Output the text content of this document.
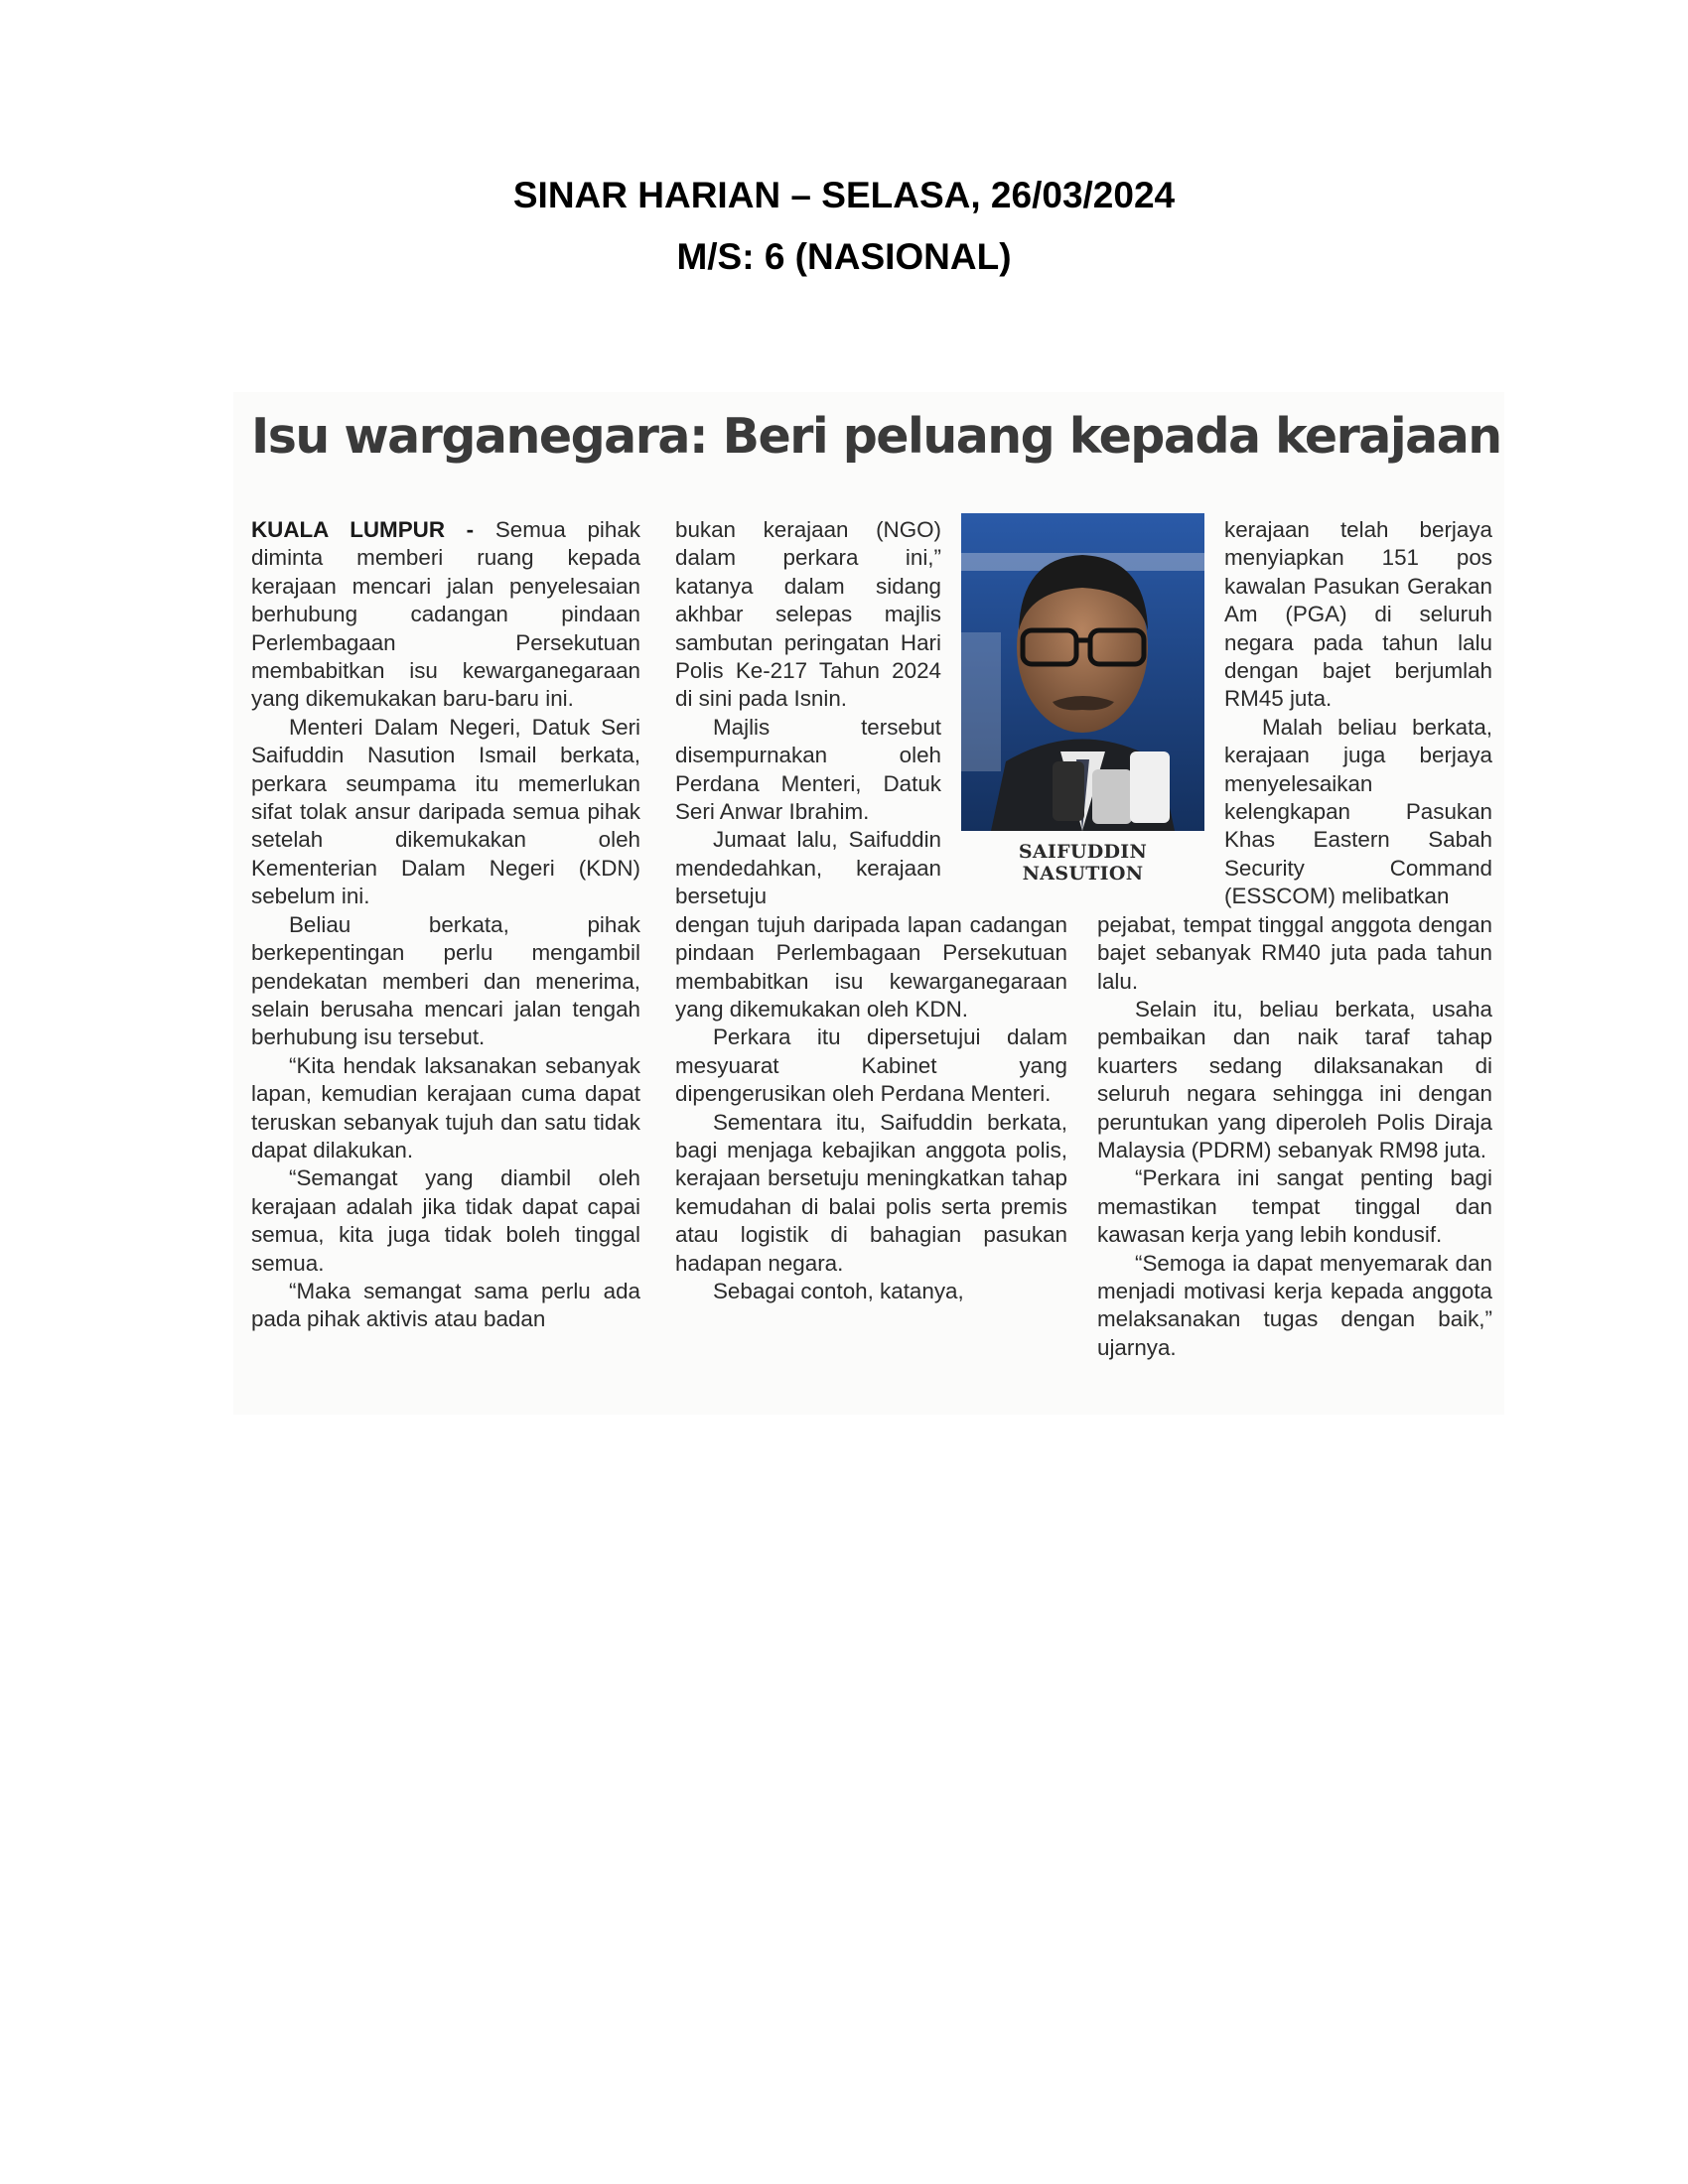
SINAR HARIAN – SELASA, 26/03/2024
M/S: 6 (NASIONAL)
Isu warganegara: Beri peluang kepada kerajaan

KUALA LUMPUR - Semua pihak diminta memberi ruang kepada kerajaan mencari jalan penyelesaian berhubung cadangan pindaan Perlembagaan Persekutuan membabitkan isu kewarganegaraan yang dikemukakan baru-baru ini.

Menteri Dalam Negeri, Datuk Seri Saifuddin Nasution Ismail berkata, perkara seumpama itu memerlukan sifat tolak ansur daripada semua pihak setelah dikemukakan oleh Kementerian Dalam Negeri (KDN) sebelum ini.

Beliau berkata, pihak berkepentingan perlu mengambil pendekatan memberi dan menerima, selain berusaha mencari jalan tengah berhubung isu tersebut.

“Kita hendak laksanakan sebanyak lapan, kemudian kerajaan cuma dapat teruskan sebanyak tujuh dan satu tidak dapat dilakukan.

“Semangat yang diambil oleh kerajaan adalah jika tidak dapat capai semua, kita juga tidak boleh tinggal semua.

“Maka semangat sama perlu ada pada pihak aktivis atau badan

bukan kerajaan (NGO) dalam perkara ini,” katanya dalam sidang akhbar selepas majlis sambutan peringatan Hari Polis Ke-217 Tahun 2024 di sini pada Isnin.

Majlis tersebut disempurnakan oleh Perdana Menteri, Datuk Seri Anwar Ibrahim.

Jumaat lalu, Saifuddin mendedahkan, kerajaan bersetuju

dengan tujuh daripada lapan cadangan pindaan Perlembagaan Persekutuan membabitkan isu kewarganegaraan yang dikemukakan oleh KDN.

Perkara itu dipersetujui dalam mesyuarat Kabinet yang dipengerusikan oleh Perdana Menteri.

Sementara itu, Saifuddin berkata, bagi menjaga kebajikan anggota polis, kerajaan bersetuju meningkatkan tahap kemudahan di balai polis serta premis atau logistik di bahagian pasukan hadapan negara.

Sebagai contoh, katanya,

kerajaan telah berjaya menyiapkan 151 pos kawalan Pasukan Gerakan Am (PGA) di seluruh negara pada tahun lalu dengan bajet berjumlah RM45 juta.

Malah beliau berkata, kerajaan juga berjaya menyelesaikan kelengkapan Pasukan Khas Eastern Sabah Security Command (ESSCOM) melibatkan

pejabat, tempat tinggal anggota dengan bajet sebanyak RM40 juta pada tahun lalu.

Selain itu, beliau berkata, usaha pembaikan dan naik taraf tahap kuarters sedang dilaksanakan di seluruh negara sehingga ini dengan peruntukan yang diperoleh Polis Diraja Malaysia (PDRM) sebanyak RM98 juta.

“Perkara ini sangat penting bagi memastikan tempat tinggal dan kawasan kerja yang lebih kondusif.

“Semoga ia dapat menyemarak dan menjadi motivasi kerja kepada anggota melaksanakan tugas dengan baik,” ujarnya.

SAIFUDDIN NASUTION
